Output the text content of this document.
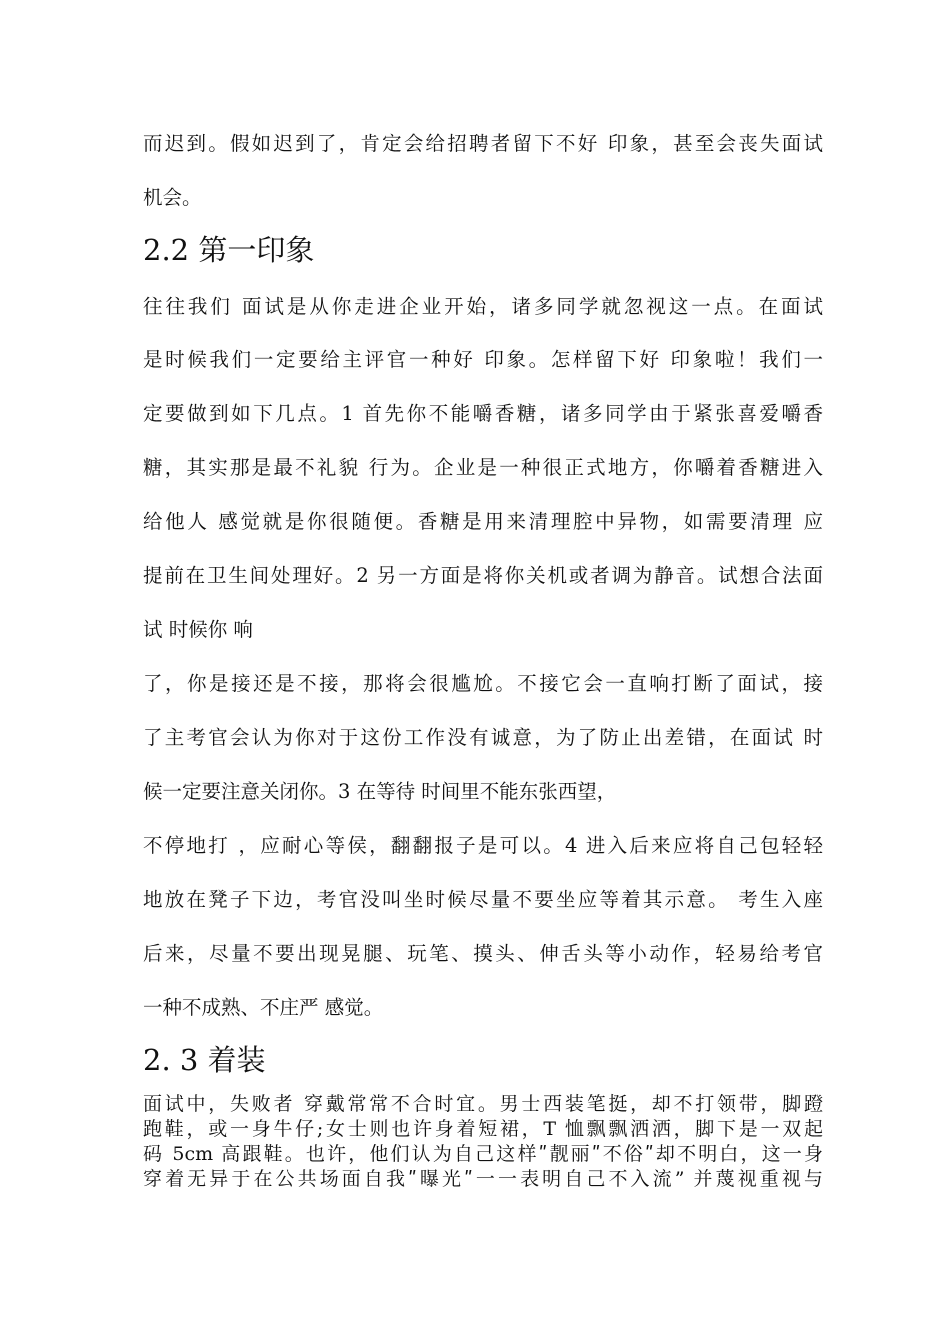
而迟到。假如迟到了，肯定会给招聘者留下不好 印象，甚至会丧失面试
机会。
2.2 第一印象
往往我们 面试是从你走进企业开始，诸多同学就忽视这一点。在面试
是时候我们一定要给主评官一种好 印象。怎样留下好 印象啦！我们一
定要做到如下几点。1 首先你不能嚼香糖，诸多同学由于紧张喜爱嚼香
糖，其实那是最不礼貌 行为。企业是一种很正式地方，你嚼着香糖进入
给他人 感觉就是你很随便。香糖是用来清理腔中异物，如需要清理 应
提前在卫生间处理好。2 另一方面是将你关机或者调为静音。试想合法面
试 时候你 响
了，你是接还是不接，那将会很尴尬。不接它会一直响打断了面试，接
了主考官会认为你对于这份工作没有诚意，为了防止出差错，在面试 时
候一定要注意关闭你。3 在等待 时间里不能东张西望，
不停地打 ，应耐心等侯，翻翻报子是可以。4 进入后来应将自己包轻轻
地放在凳子下边，考官没叫坐时候尽量不要坐应等着其示意。 考生入座
后来，尽量不要出现晃腿、玩笔、摸头、伸舌头等小动作，轻易给考官
一种不成熟、不庄严 感觉。
2. 3 着装
面试中，失败者 穿戴常常不合时宜。男士西装笔挺，却不打领带，脚蹬
跑鞋，或一身牛仔;女士则也许身着短裙，T 恤飘飘洒洒，脚下是一双起
码 5cm 高跟鞋。也许，他们认为自己这样ʺ靓丽ʺ不俗ʺ却不明白，这一身
穿着无异于在公共场面自我ʺ曝光ʺ一一表明自己不入流” 并蔑视重视与
